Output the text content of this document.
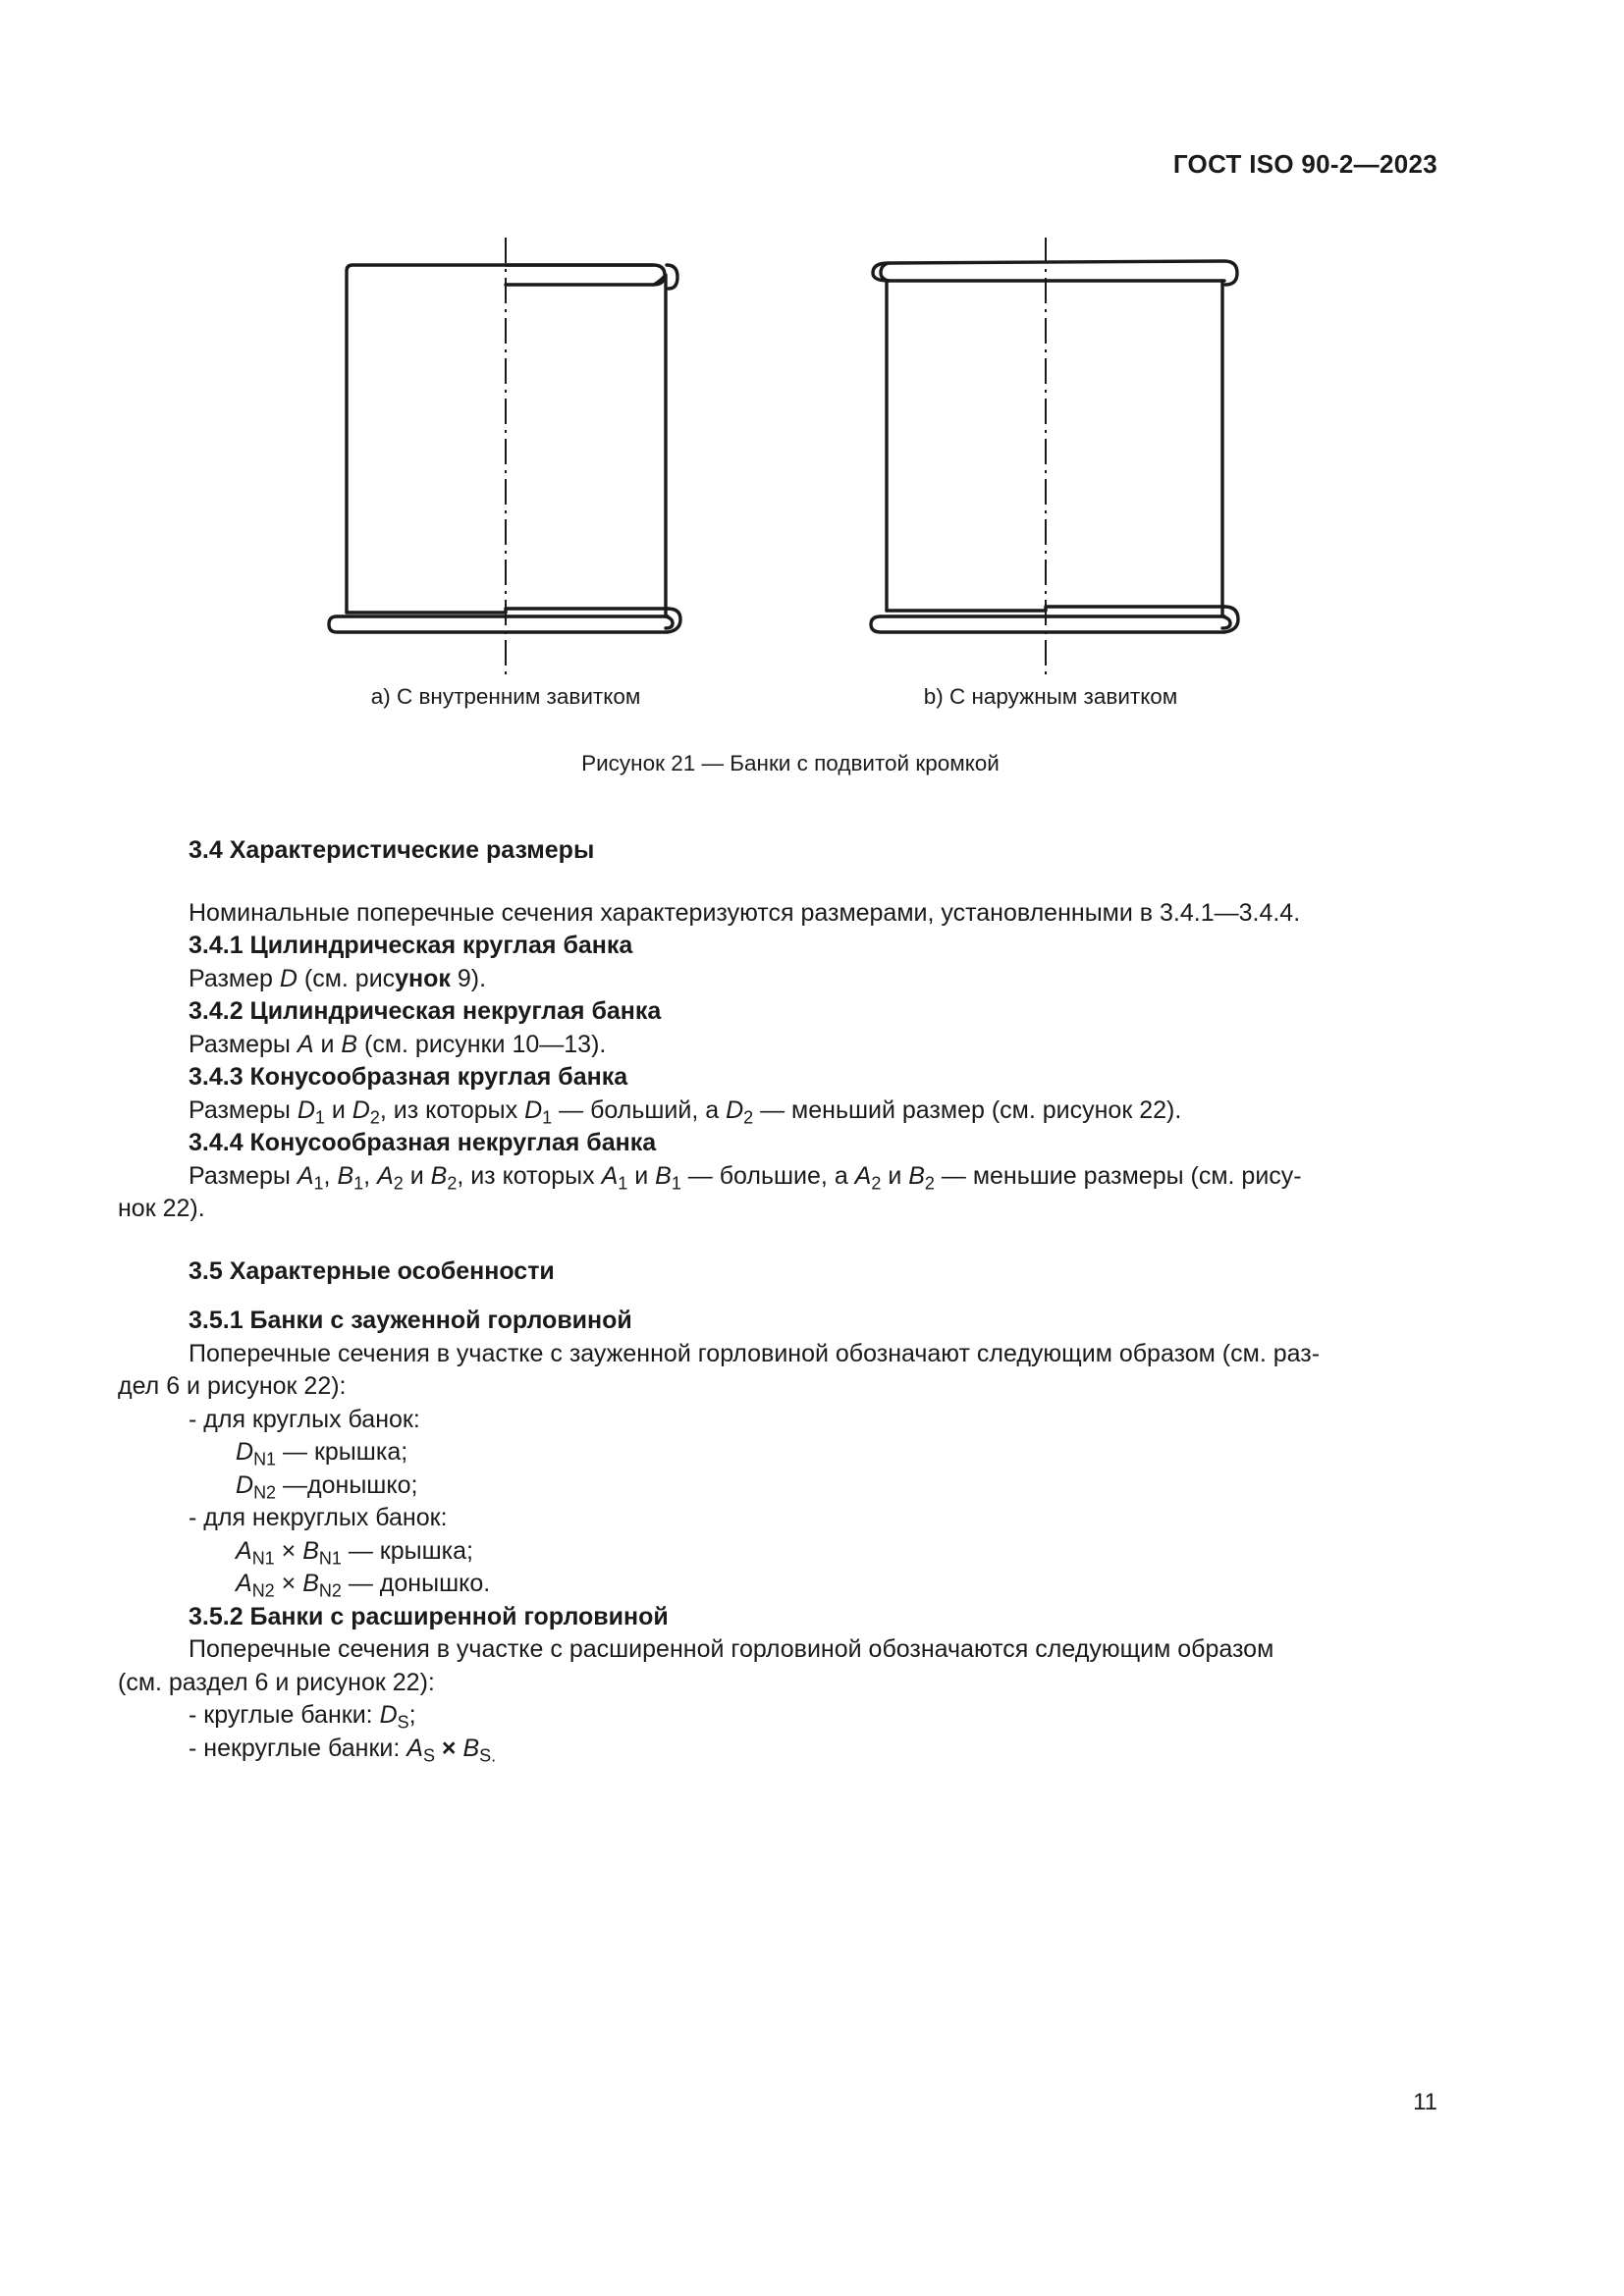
ГОСТ ISO 90-2—2023
а) С внутренним завитком	b) С наружным завитком
Рисунок 21 — Банки с подвитой кромкой

3.4 Характеристические размеры

Номинальные поперечные сечения характеризуются размерами, установленными в 3.4.1—3.4.4.

3.4.1 Цилиндрическая круглая банка

Размер D (см. рисунок 9).

3.4.2 Цилиндрическая некруглая банка

Размеры A и B (см. рисунки 10—13).

3.4.3 Конусообразная круглая банка

Размеры $D_1$ и $D_2$, из которых $D_1$ — больший, а $D_2$ — меньший размер (см. рисунок 22).

3.4.4 Конусообразная некруглая банка

Размеры $A_1$, $B_1$, $A_2$ и $B_2$, из которых $A_1$ и $B_1$ — большие, а $A_2$ и $B_2$ — меньшие размеры (см. рису-

нок 22).

3.5 Характерные особенности

3.5.1 Банки с зауженной горловиной

Поперечные сечения в участке с зауженной горловиной обозначают следующим образом (см. раз-

дел 6 и рисунок 22):

- для круглых банок:

$D_{N1}$ — крышка;

$D_{N2}$ —донышко;

- для некруглых банок:

$A_{N1} \times B_{N1}$ — крышка;

$A_{N2} \times B_{N2}$ — донышко.

3.5.2 Банки с расширенной горловиной

Поперечные сечения в участке с расширенной горловиной обозначаются следующим образом

(см. раздел 6 и рисунок 22):

- круглые банки: $D_S$;

- некруглые банки: $A_S \times B_{S.}$

11
